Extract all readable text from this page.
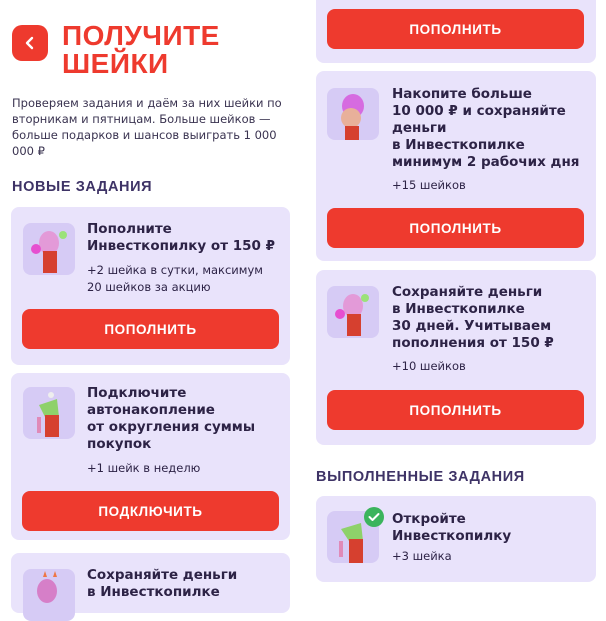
ПОЛУЧИТЕ
ШЕЙКИ
Проверяем задания и даём за них шейки по вторникам и пятницам. Больше шейков — больше подарков и шансов выиграть 1 000 000 ₽
НОВЫЕ ЗАДАНИЯ
Пополните
Инвесткопилку от 150 ₽
+2 шейка в сутки, максимум
20 шейков за акцию
ПОПОЛНИТЬ
Подключите
автонакопление
от округления суммы
покупок
+1 шейк в неделю
ПОДКЛЮЧИТЬ
Сохраняйте деньги
в Инвесткопилке
ПОПОЛНИТЬ
Накопите больше
10 000 ₽ и сохраняйте
деньги
в Инвесткопилке
минимум 2 рабочих дня
+15 шейков
ПОПОЛНИТЬ
Сохраняйте деньги
в Инвесткопилке
30 дней. Учитываем
пополнения от 150 ₽
+10 шейков
ПОПОЛНИТЬ
ВЫПОЛНЕННЫЕ ЗАДАНИЯ
Откройте
Инвесткопилку
+3 шейка
